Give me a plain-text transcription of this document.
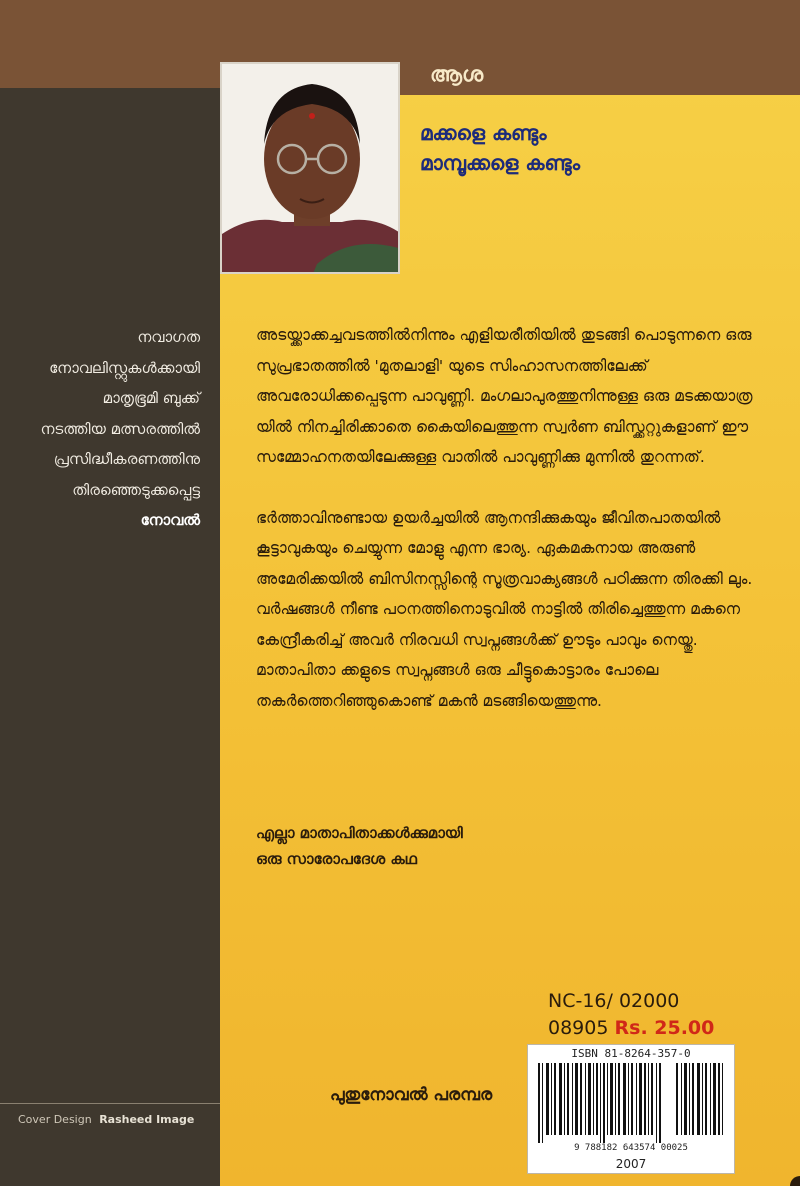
ആശ
മക്കളെ കണ്ടും
മാമ്പൂക്കളെ കണ്ടും
നവാഗത
നോവലിസ്റ്റുകൾക്കായി
മാതൃഭൂമി ബുക്ക്
നടത്തിയ മത്സരത്തിൽ
പ്രസിദ്ധീകരണത്തിനു
തിരഞ്ഞെടുക്കപ്പെട്ട
നോവൽ

അടയ്ക്കാക്കച്ചവടത്തിൽനിന്നും എളിയരീതിയിൽ തുടങ്ങി പൊടുന്നനെ ഒരു സുപ്രഭാതത്തിൽ 'മുതലാളി' യുടെ സിംഹാസനത്തിലേക്ക് അവരോധിക്കപ്പെടുന്ന പാവുണ്ണി. മംഗലാപുരത്തുനിന്നുള്ള ഒരു മടക്കയാത്ര യിൽ നിനച്ചിരിക്കാതെ കൈയിലെത്തുന്ന സ്വർണ ബിസ്ക്കറ്റുകളാണ് ഈ സമ്മോഹനതയിലേക്കുള്ള വാതിൽ പാവുണ്ണിക്കു മുന്നിൽ തുറന്നത്.

ഭർത്താവിനുണ്ടായ ഉയർച്ചയിൽ ആനന്ദിക്കുകയും ജീവിതപാതയിൽ കൂട്ടാവുകയും ചെയ്യുന്ന മോളു എന്ന ഭാര്യ. ഏകമകനായ അരുൺ അമേരിക്കയിൽ ബിസിനസ്സിന്റെ സൂത്രവാക്യങ്ങൾ പഠിക്കുന്ന തിരക്കി ലും. വർഷങ്ങൾ നീണ്ട പഠനത്തിനൊടുവിൽ നാട്ടിൽ തിരിച്ചെത്തുന്ന മകനെ കേന്ദ്രീകരിച്ച് അവർ നിരവധി സ്വപ്നങ്ങൾക്ക് ഊടും പാവും നെയ്തു. മാതാപിതാ ക്കളുടെ സ്വപ്നങ്ങൾ ഒരു ചീട്ടുകൊട്ടാരം പോലെ തകർത്തെറിഞ്ഞുകൊണ്ട് മകൻ മടങ്ങിയെത്തുന്നു.

എല്ലാ മാതാപിതാക്കൾക്കുമായി
ഒരു സാരോപദേശ കഥ
NC-16/ 02000
08905 Rs. 25.00
ISBN 81-8264-357-0
9 788182 643574 00025
2007
പുതുനോവൽ പരമ്പര
Cover Design Rasheed Image
